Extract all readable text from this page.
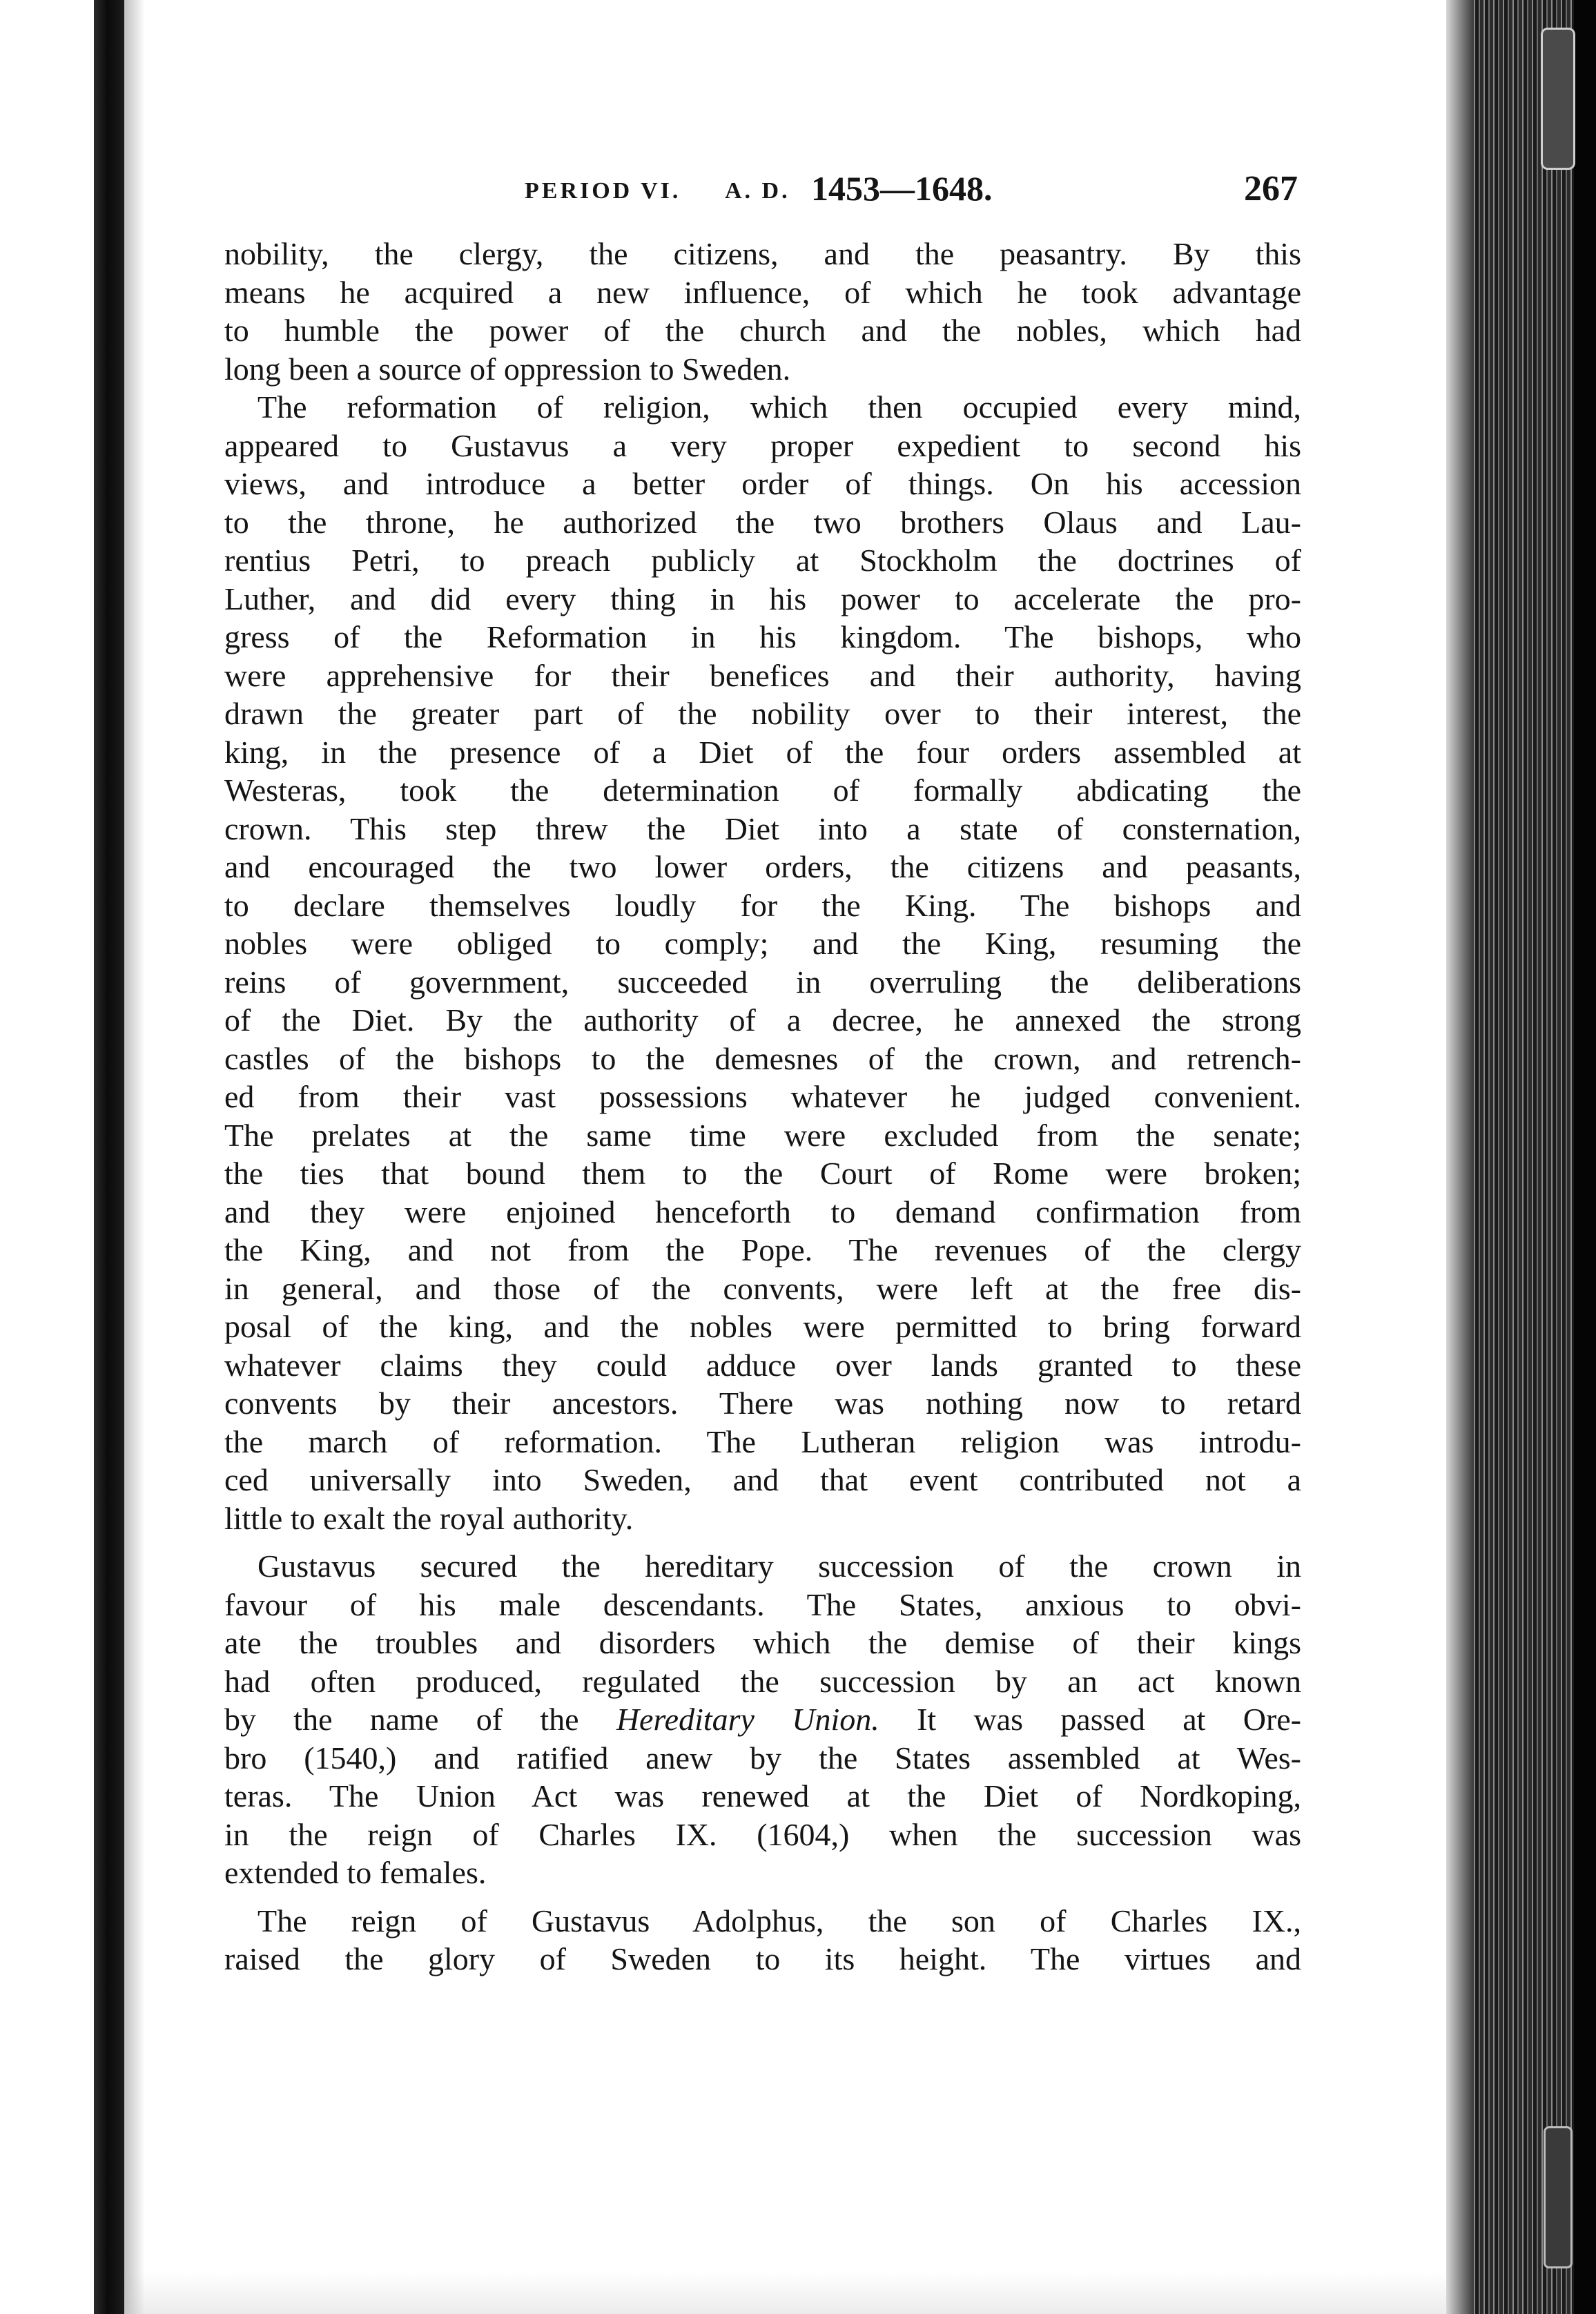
PERIOD VI. A. D. 1453—1648.	267
nobility, the clergy, the citizens, and the peasantry. By this
means he acquired a new influence, of which he took advantage
to humble the power of the church and the nobles, which had
long been a source of oppression to Sweden.
The reformation of religion, which then occupied every mind,
appeared to Gustavus a very proper expedient to second his
views, and introduce a better order of things. On his accession
to the throne, he authorized the two brothers Olaus and Lau-
rentius Petri, to preach publicly at Stockholm the doctrines of
Luther, and did every thing in his power to accelerate the pro-
gress of the Reformation in his kingdom. The bishops, who
were apprehensive for their benefices and their authority, having
drawn the greater part of the nobility over to their interest, the
king, in the presence of a Diet of the four orders assembled at
Westeras, took the determination of formally abdicating the
crown. This step threw the Diet into a state of consternation,
and encouraged the two lower orders, the citizens and peasants,
to declare themselves loudly for the King. The bishops and
nobles were obliged to comply; and the King, resuming the
reins of government, succeeded in overruling the deliberations
of the Diet. By the authority of a decree, he annexed the strong
castles of the bishops to the demesnes of the crown, and retrench-
ed from their vast possessions whatever he judged convenient.
The prelates at the same time were excluded from the senate;
the ties that bound them to the Court of Rome were broken;
and they were enjoined henceforth to demand confirmation from
the King, and not from the Pope. The revenues of the clergy
in general, and those of the convents, were left at the free dis-
posal of the king, and the nobles were permitted to bring forward
whatever claims they could adduce over lands granted to these
convents by their ancestors. There was nothing now to retard
the march of reformation. The Lutheran religion was introdu-
ced universally into Sweden, and that event contributed not a
little to exalt the royal authority.
Gustavus secured the hereditary succession of the crown in
favour of his male descendants. The States, anxious to obvi-
ate the troubles and disorders which the demise of their kings
had often produced, regulated the succession by an act known
by the name of the Hereditary Union. It was passed at Ore-
bro (1540,) and ratified anew by the States assembled at Wes-
teras. The Union Act was renewed at the Diet of Nordkoping,
in the reign of Charles IX. (1604,) when the succession was
extended to females.
The reign of Gustavus Adolphus, the son of Charles IX.,
raised the glory of Sweden to its height. The virtues and
